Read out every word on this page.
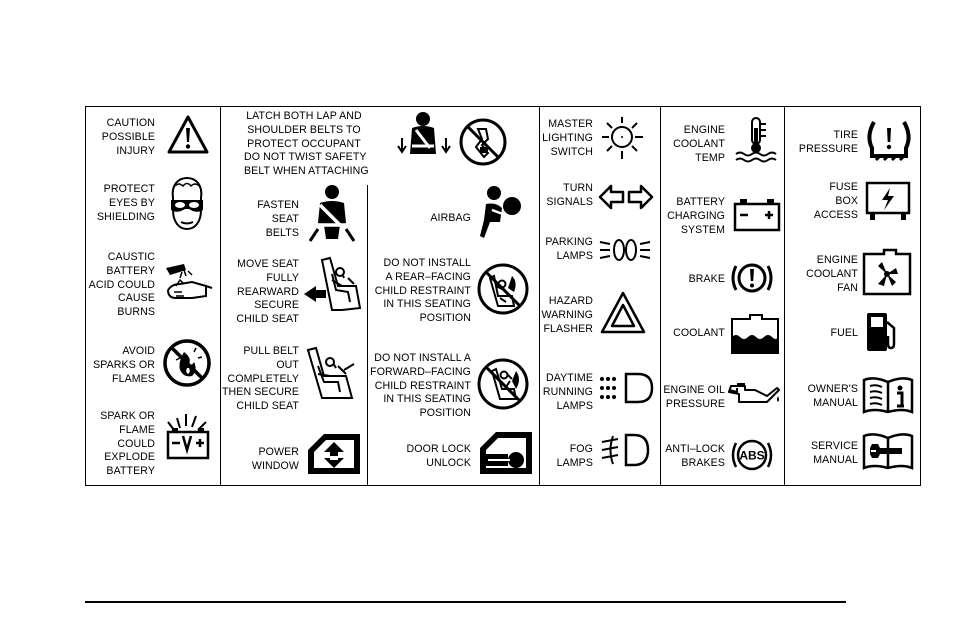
CAUTION
POSSIBLE
INJURY
PROTECT
EYES BY
SHIELDING
CAUSTIC
BATTERY
ACID COULD
CAUSE
BURNS
AVOID
SPARKS OR
FLAMES
SPARK OR
FLAME
COULD
EXPLODE
BATTERY
LATCH BOTH LAP AND
SHOULDER BELTS TO
PROTECT OCCUPANT
DO NOT TWIST SAFETY
BELT WHEN ATTACHING
FASTEN
SEAT
BELTS
MOVE SEAT
FULLY
REARWARD
SECURE
CHILD SEAT
PULL BELT
OUT
COMPLETELY
THEN SECURE
CHILD SEAT
POWER
WINDOW
AIRBAG
DO NOT INSTALL
A REAR–FACING
CHILD RESTRAINT
IN THIS SEATING
POSITION
DO NOT INSTALL A
FORWARD–FACING
CHILD RESTRAINT
IN THIS SEATING
POSITION
DOOR LOCK
UNLOCK
MASTER
LIGHTING
SWITCH
TURN
SIGNALS
PARKING
LAMPS
HAZARD
WARNING
FLASHER
DAYTIME
RUNNING
LAMPS
FOG
LAMPS
ENGINE
COOLANT
TEMP
BATTERY
CHARGING
SYSTEM
BRAKE
COOLANT
ENGINE OIL
PRESSURE
ANTI–LOCK
BRAKES
ABS
TIRE
PRESSURE
FUSE
BOX
ACCESS
ENGINE
COOLANT
FAN
FUEL
OWNER'S
MANUAL
SERVICE
MANUAL
